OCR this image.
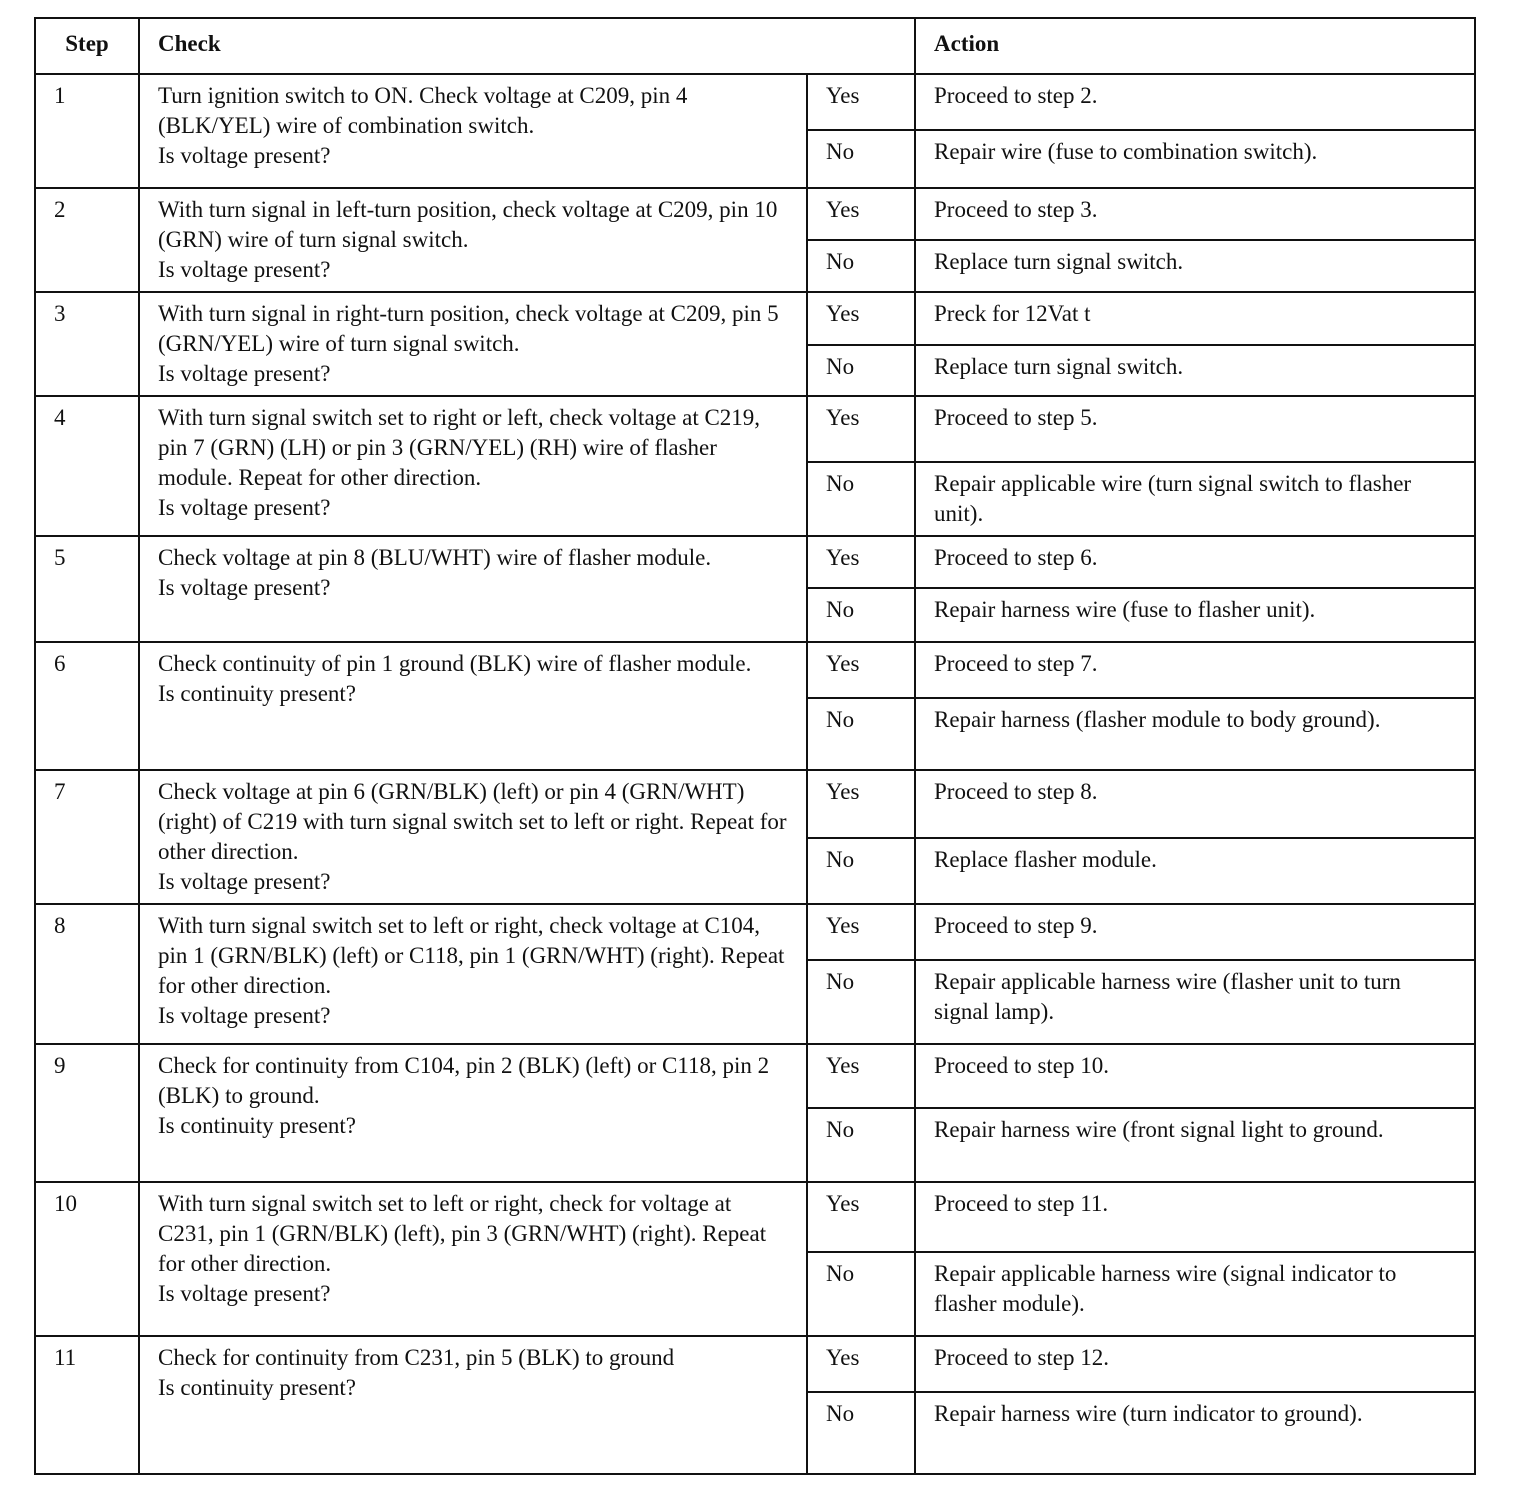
Step	Check		Action
1	Turn ignition switch to ON. Check voltage at C209, pin 4 (BLK/YEL) wire of combination switch.
Is voltage present?	Yes	Proceed to step 2.
		No	Repair wire (fuse to combination switch).
2	With turn signal in left-turn position, check voltage at C209, pin 10 (GRN) wire of turn signal switch.
Is voltage present?	Yes	Proceed to step 3.
		No	Replace turn signal switch.
3	With turn signal in right-turn position, check voltage at C209, pin 5 (GRN/YEL) wire of turn signal switch.
Is voltage present?	Yes	Preck for 12Vat t
		No	Replace turn signal switch.
4	With turn signal switch set to right or left, check voltage at C219, pin 7 (GRN) (LH) or pin 3 (GRN/YEL) (RH) wire of flasher module. Repeat for other direction.
Is voltage present?	Yes	Proceed to step 5.
		No	Repair applicable wire (turn signal switch to flasher unit).
5	Check voltage at pin 8 (BLU/WHT) wire of flasher module.
Is voltage present?	Yes	Proceed to step 6.
		No	Repair harness wire (fuse to flasher unit).
6	Check continuity of pin 1 ground (BLK) wire of flasher module.
Is continuity present?	Yes	Proceed to step 7.
		No	Repair harness (flasher module to body ground).
7	Check voltage at pin 6 (GRN/BLK) (left) or pin 4 (GRN/WHT) (right) of C219 with turn signal switch set to left or right. Repeat for other direction.
Is voltage present?	Yes	Proceed to step 8.
		No	Replace flasher module.
8	With turn signal switch set to left or right, check voltage at C104, pin 1 (GRN/BLK) (left) or C118, pin 1 (GRN/WHT) (right). Repeat for other direction.
Is voltage present?	Yes	Proceed to step 9.
		No	Repair applicable harness wire (flasher unit to turn signal lamp).
9	Check for continuity from C104, pin 2 (BLK) (left) or C118, pin 2 (BLK) to ground.
Is continuity present?	Yes	Proceed to step 10.
		No	Repair harness wire (front signal light to ground.
10	With turn signal switch set to left or right, check for voltage at C231, pin 1 (GRN/BLK) (left), pin 3 (GRN/WHT) (right). Repeat for other direction.
Is voltage present?	Yes	Proceed to step 11.
		No	Repair applicable harness wire (signal indicator to flasher module).
11	Check for continuity from C231, pin 5 (BLK) to ground
Is continuity present?	Yes	Proceed to step 12.
		No	Repair harness wire (turn indicator to ground).
